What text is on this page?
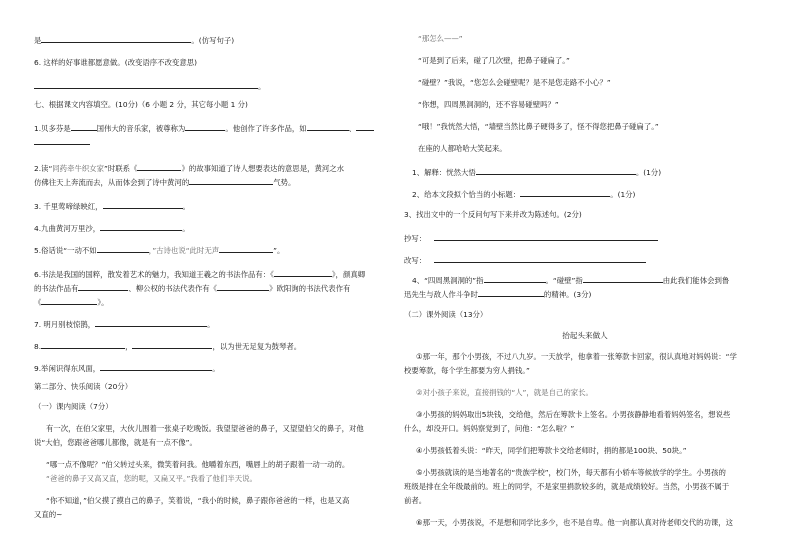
是	。(仿写句子)
6. 这样的好事谁都愿意做。(改变语序不改变意思)
。
七、根据课文内容填空。(10分)（6 小题 2 分，其它每小题 1 分)
1.贝多芬是	国伟大的音乐家，被尊称为	。他创作了许多作品，如	、
2.读“同药牵牛织女家”时联系《	》的故事知道了诗人想要表达的意思是，黄河之水
仿佛往天上奔流而去，从而体会到了诗中黄河的	气势。
3. 千里莺啼绿映红，	。
4.九曲黄河万里沙，	。
5.俗话说“一动不如	，”古诗也说“此时无声	”。
6.书法是我国的国粹，散发着艺术的魅力，我知道王羲之的书法作品有：《	》，颜真卿
的书法作品有	、柳公权的书法代表作有《	》欧阳询的书法代表作有
《	》。
7. 明月别枝惊鹊，	。
8.	，	，以为世无足复为鼓琴者。
9.举闲识得东风面，	。
第二部分、快乐阅读（20分）
（一）课内阅读（7分）
有一次，在伯父家里，大伙儿围着一张桌子吃晚饭。我望望爸爸的鼻子，又望望伯父的鼻子，对他
说“大伯，您跟爸爸哪儿都像，就是有一点不像”。
“哪一点不像呢？”伯父转过头来，微笑着问我。他嚼着东西，嘴唇上的胡子跟着一动一动的。
“爸爸的鼻子又高又直，您的呢，又扁又平。”我看了他们半天说。
“你不知道，”伯父摸了摸自己的鼻子，笑着说，“我小的时候，鼻子跟你爸爸的一样，也是又高
又直的~
“那怎么——”
“可是到了后来，碰了几次壁，把鼻子碰扁了。”
“碰壁？”我说，“您怎么会碰壁呢？是不是您走路不小心？”
“你想，四周黑洞洞的，还不容易碰壁吗？”
“哦！”我恍然大悟，“墙壁当然比鼻子硬得多了，怪不得您把鼻子碰扁了。”
在座的人都哈哈大笑起来。
1、解释：恍然大悟	。(1分)
2、给本文段拟个恰当的小标题：	。(1分)
3、找出文中的一个反问句写下来并改为陈述句。(2分)
抄写：
改写：
4、“四周黑洞洞的”指	。“碰壁”指	由此我们能体会到鲁
迅先生与敌人作斗争时	的精神。(3分)
（二）课外阅读（13分）
抬起头来做人
①那一年，那个小男孩，不过八九岁。一天放学，他拿着一张筹款卡回家，很认真地对妈妈说：“学
校要筹款，每个学生都要为穷人捐钱。”
②对小孩子来说，直接捐钱的“人”，就是自己的家长。
③小男孩的妈妈取出5块钱，交给他，然后在筹款卡上签名。小男孩静静地看着妈妈签名，想说些
什么，却没开口。妈妈察觉到了，问他：“怎么啦？”
④小男孩低着头说：“昨天，同学们把筹款卡交给老师时，捐的都是100块、50块。”
⑤小男孩就读的是当地著名的“贵族学校”，校门外，每天都有小轿车等候放学的学生。小男孩的
班级是排在全年级最前的。班上的同学，不是家里捐款较多的，就是成绩较好。当然，小男孩不属于
前者。
⑥那一天，小男孩说，不是想和同学比多少，也不是自卑。他一向都认真对待老师交代的功课，这
